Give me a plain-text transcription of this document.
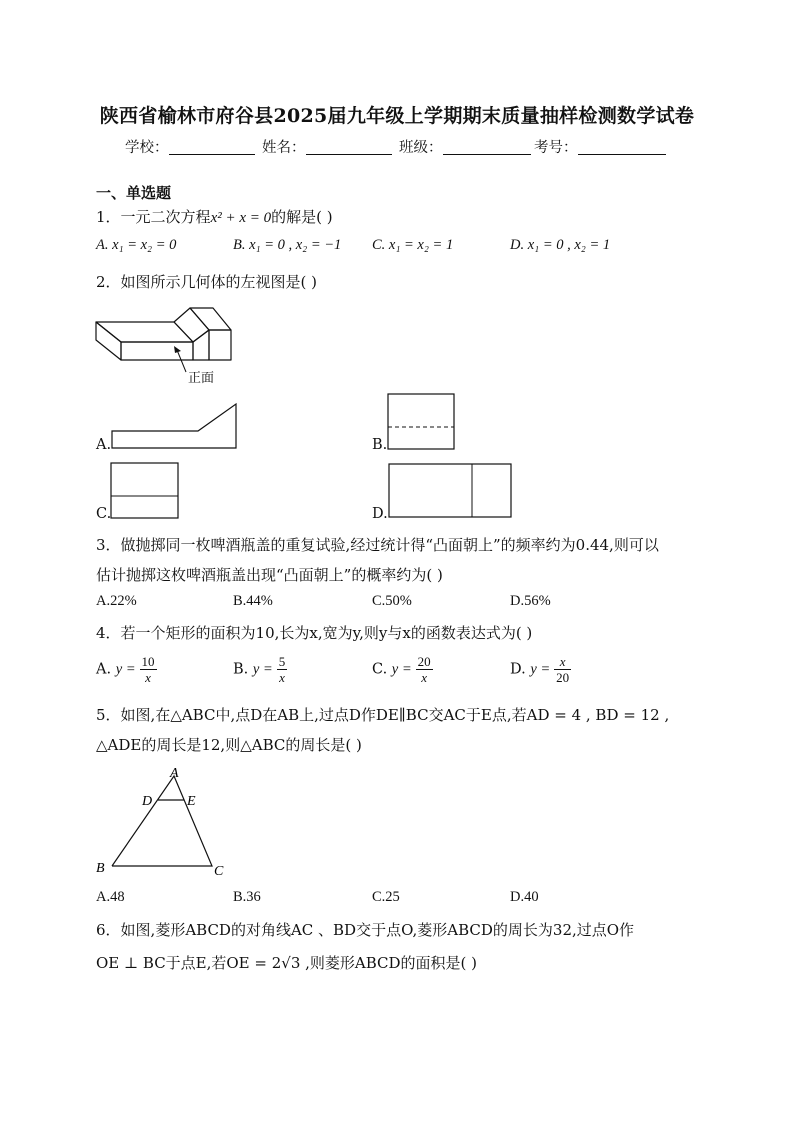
陕西省榆林市府谷县2025届九年级上学期期末质量抽样检测数学试卷
学校：	姓名：	班级：	考号：
一、单选题
1．一元二次方程x² + x = 0的解是( )
A. x₁ = x₂ = 0	B. x₁ = 0 , x₂ = −1 C. x₁ = x₂ = 1	D. x₁ = 0 , x₂ = 1
2．如图所示几何体的左视图是( )
正面
A.	B.
C.	D.
3．做抛掷同一枚啤酒瓶盖的重复试验,经过统计得“凸面朝上”的频率约为0.44,则可以
估计抛掷这枚啤酒瓶盖出现“凸面朝上”的概率约为( )
A.22%	B.44%	C.50%	D.56%
4．若一个矩形的面积为10,长为x,宽为y,则y与x的函数表达式为( )
A. $y = \frac{10}{x}$	B. $y = \frac{5}{x}$	C. $y = \frac{20}{x}$	D. $y = \frac{x}{20}$
5．如图,在△ABC中,点D在AB上,过点D作DE∥BC交AC于E点,若AD = 4 , BD = 12 ,
△ADE的周长是12,则△ABC的周长是( )
A
D E
B	C
A.48	B.36	C.25	D.40
6．如图,菱形ABCD的对角线AC 、BD交于点O,菱形ABCD的周长为32,过点O作
OE ⊥ BC于点E,若OE = 2√3 ,则菱形ABCD的面积是( )
